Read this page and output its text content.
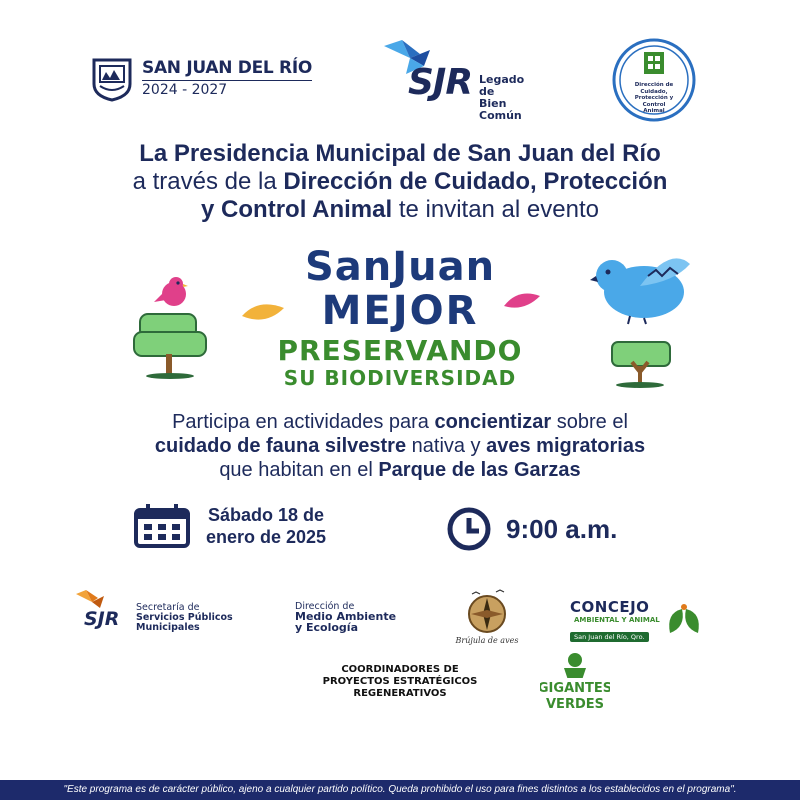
SAN JUAN DEL RÍO
2024 - 2027	SJR Legado de
Bien Común
Dirección de Cuidado,
Protección y Control
Animal
La Presidencia Municipal de San Juan del Río
a través de la Dirección de Cuidado, Protección
y Control Animal te invitan al evento
SanJuan
MEJOR
PRESERVANDO
SU BIODIVERSIDAD
Participa en actividades para concientizar sobre el
cuidado de fauna silvestre nativa y aves migratorias
que habitan en el Parque de las Garzas
Sábado 18 de
enero de 2025	9:00 a.m.
SJR
Secretaría de
Servicios Públicos
Municipales
Dirección de
Medio Ambiente
y Ecología
Brújula de aves
CONCEJO
AMBIENTAL Y ANIMAL
San Juan del Río, Qro.
COORDINADORES DE
PROYECTOS ESTRATÉGICOS
REGENERATIVOS	GIGANTES
VERDES
"Este programa es de carácter público, ajeno a cualquier partido político. Queda prohibido el uso para fines distintos a los establecidos en el programa".
